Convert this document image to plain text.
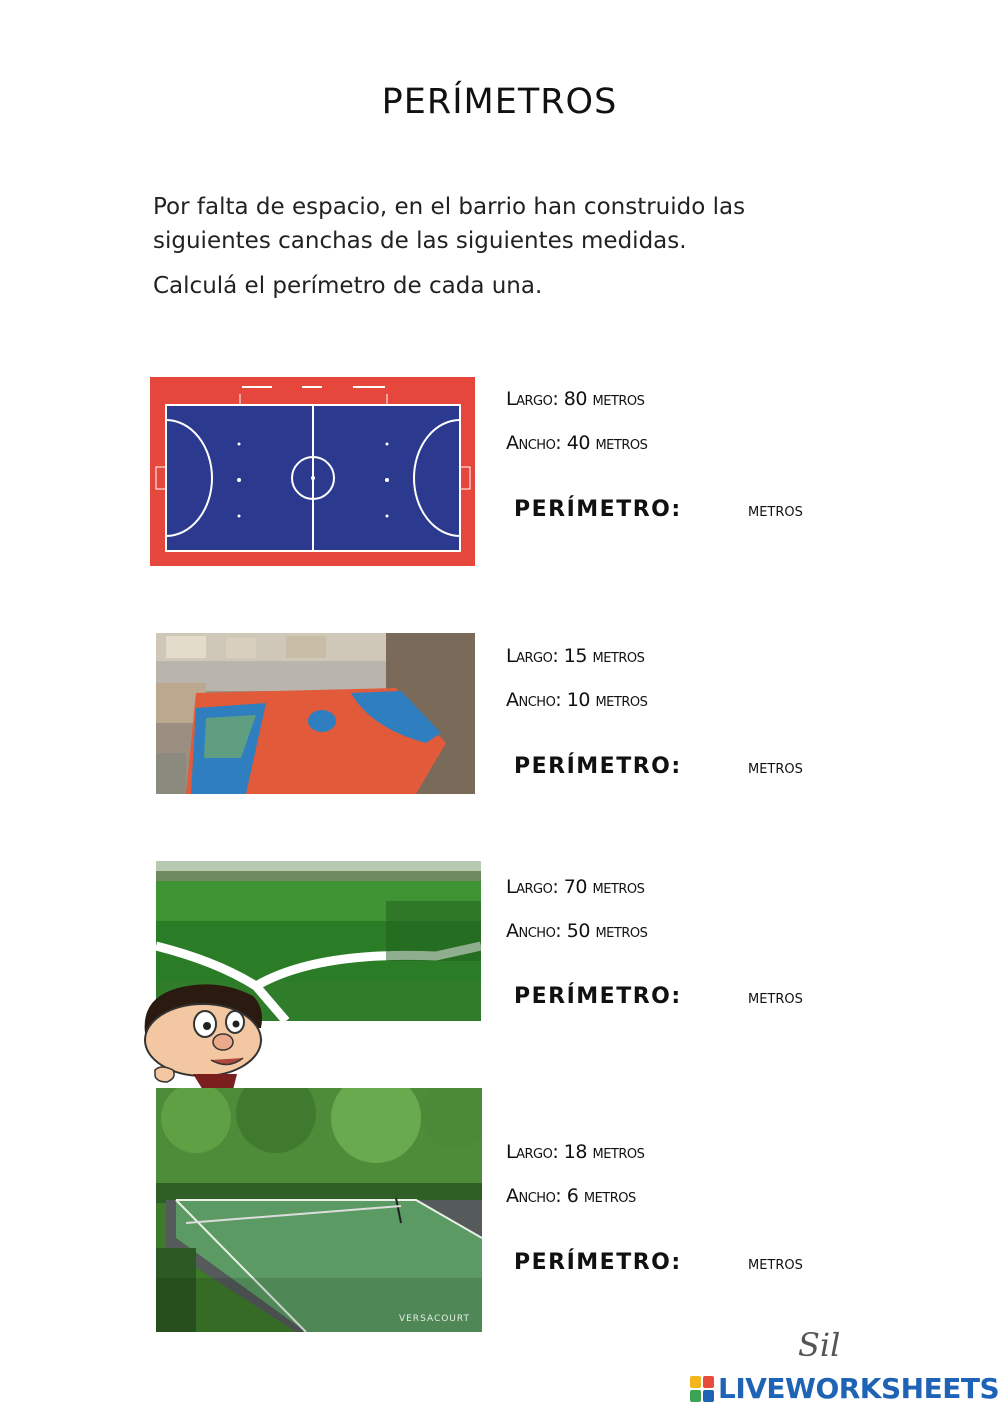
PERÍMETROS

Por falta de espacio, en el barrio han construido las siguientes canchas de las siguientes medidas.

Calculá el perímetro de cada una.

Largo: 80 metros
Ancho: 40 metros
PERÍMETRO:	metros
Largo: 15 metros
Ancho: 10 metros
PERÍMETRO:	metros
Largo: 70 metros
Ancho: 50 metros
PERÍMETRO:	metros
VERSACOURT
Largo: 18 metros
Ancho: 6 metros
PERÍMETRO:	metros
Sil
LIVEWORKSHEETS
